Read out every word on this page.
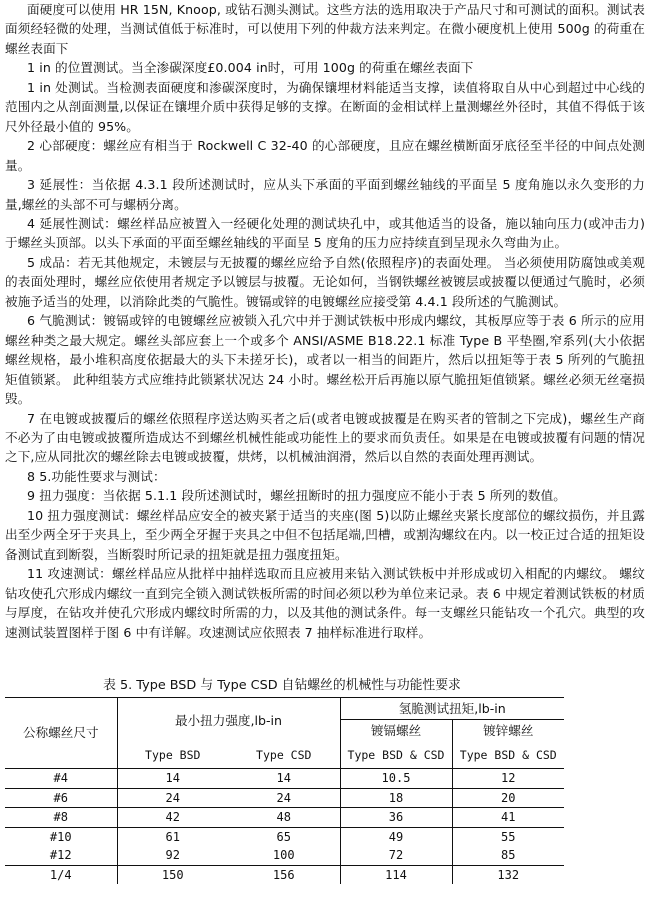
面硬度可以使用 HR 15N, Knoop, 或钻石测头测试。这些方法的选用取决于产品尺寸和可测试的面积。测试表面须经轻微的处理，当测试值低于标准时，可以使用下列的仲裁方法来判定。在微小硬度机上使用 500g 的荷重在螺丝表面下

1 in 的位置测试。当全渗碳深度£0.004 in时，可用 100g 的荷重在螺丝表面下

1 in 处测试。当检测表面硬度和渗碳深度时，为确保镶埋材料能适当支撑，读值将取自从中心到超过中心线的范围内之从剖面测量,以保证在镶埋介质中获得足够的支撑。在断面的金相试样上量测螺丝外径时，其值不得低于该尺外径最小值的 95%。

2 心部硬度：螺丝应有相当于 Rockwell C 32-40 的心部硬度，且应在螺丝横断面牙底径至半径的中间点处测量。

3 延展性：当依据 4.3.1 段所述测试时，应从头下承面的平面到螺丝轴线的平面呈 5 度角施以永久变形的力量,螺丝的头部不可与螺柄分离。

4 延展性测试：螺丝样品应被置入一经硬化处理的测试块孔中，或其他适当的设备，施以轴向压力(或冲击力)于螺丝头顶部。以头下承面的平面至螺丝轴线的平面呈 5 度角的压力应持续直到呈现永久弯曲为止。

5 成品：若无其他规定，未镀层与无披覆的螺丝应给予自然(依照程序)的表面处理。 当必须使用防腐蚀或美观的表面处理时，螺丝应依使用者规定予以镀层与披覆。无论如何，当钢铁螺丝被镀层或披覆以便通过气脆时，必须被施予适当的处理，以消除此类的气脆性。镀镉或锌的电镀螺丝应接受第 4.4.1 段所述的气脆测试。

6 气脆测试：镀镉或锌的电镀螺丝应被锁入孔穴中并于测试铁板中形成内螺纹，其板厚应等于表 6 所示的应用螺丝种类之最大规定。螺丝头部应套上一个或多个 ANSI/ASME B18.22.1 标准 Type B 平垫圈,窄系列(大小依据螺丝规格，最小堆积高度依据最大的头下未搓牙长)，或者以一相当的间距片，然后以扭矩等于表 5 所列的气脆扭矩值锁紧。 此种组装方式应维持此锁紧状况达 24 小时。螺丝松开后再施以原气脆扭矩值锁紧。螺丝必须无丝毫损毁。

7 在电镀或披覆后的螺丝依照程序送达购买者之后(或者电镀或披覆是在购买者的管制之下完成)，螺丝生产商不必为了由电镀或披覆所造成达不到螺丝机械性能或功能性上的要求而负责任。如果是在电镀或披覆有问题的情况之下,应从同批次的螺丝除去电镀或披覆，烘烤，以机械油润滑，然后以自然的表面处理再测试。

8 5.功能性要求与测试：

9 扭力强度：当依据 5.1.1 段所述测试时，螺丝扭断时的扭力强度应不能小于表 5 所列的数值。

10 扭力强度测试：螺丝样品应安全的被夹紧于适当的夹座(图 5)以防止螺丝夹紧长度部位的螺纹损伤，并且露出至少两全牙于夹具上，至少两全牙握于夹具之中但不包括尾端,凹槽，或割沟螺纹在内。以一校正过合适的扭矩设备测试直到断裂，当断裂时所记录的扭矩就是扭力强度扭矩。

11 攻速测试：螺丝样品应从批样中抽样选取而且应被用来钻入测试铁板中并形成或切入相配的内螺纹。 螺纹钻攻使孔穴形成内螺纹一直到完全锁入测试铁板所需的时间必须以秒为单位来记录。表 6 中规定着测试铁板的材质与厚度，在钻攻并使孔穴形成内螺纹时所需的力，以及其他的测试条件。每一支螺丝只能钻攻一个孔穴。典型的攻速测试装置图样于图 6 中有详解。攻速测试应依照表 7 抽样标准进行取样。

表 5. Type BSD 与 Type CSD 自钻螺丝的机械性与功能性要求
公称螺丝尺寸	最小扭力强度,lb-in		氢脆测试扭矩,lb-in	
			镀镉螺丝	镀锌螺丝
	Type BSD	Type CSD	Type BSD & CSD	Type BSD & CSD
#4	14	14	10.5	12
#6	24	24	18	20
#8	42	48	36	41
#10	61	65	49	55
#12	92	100	72	85
1/4	150	156	114	132
